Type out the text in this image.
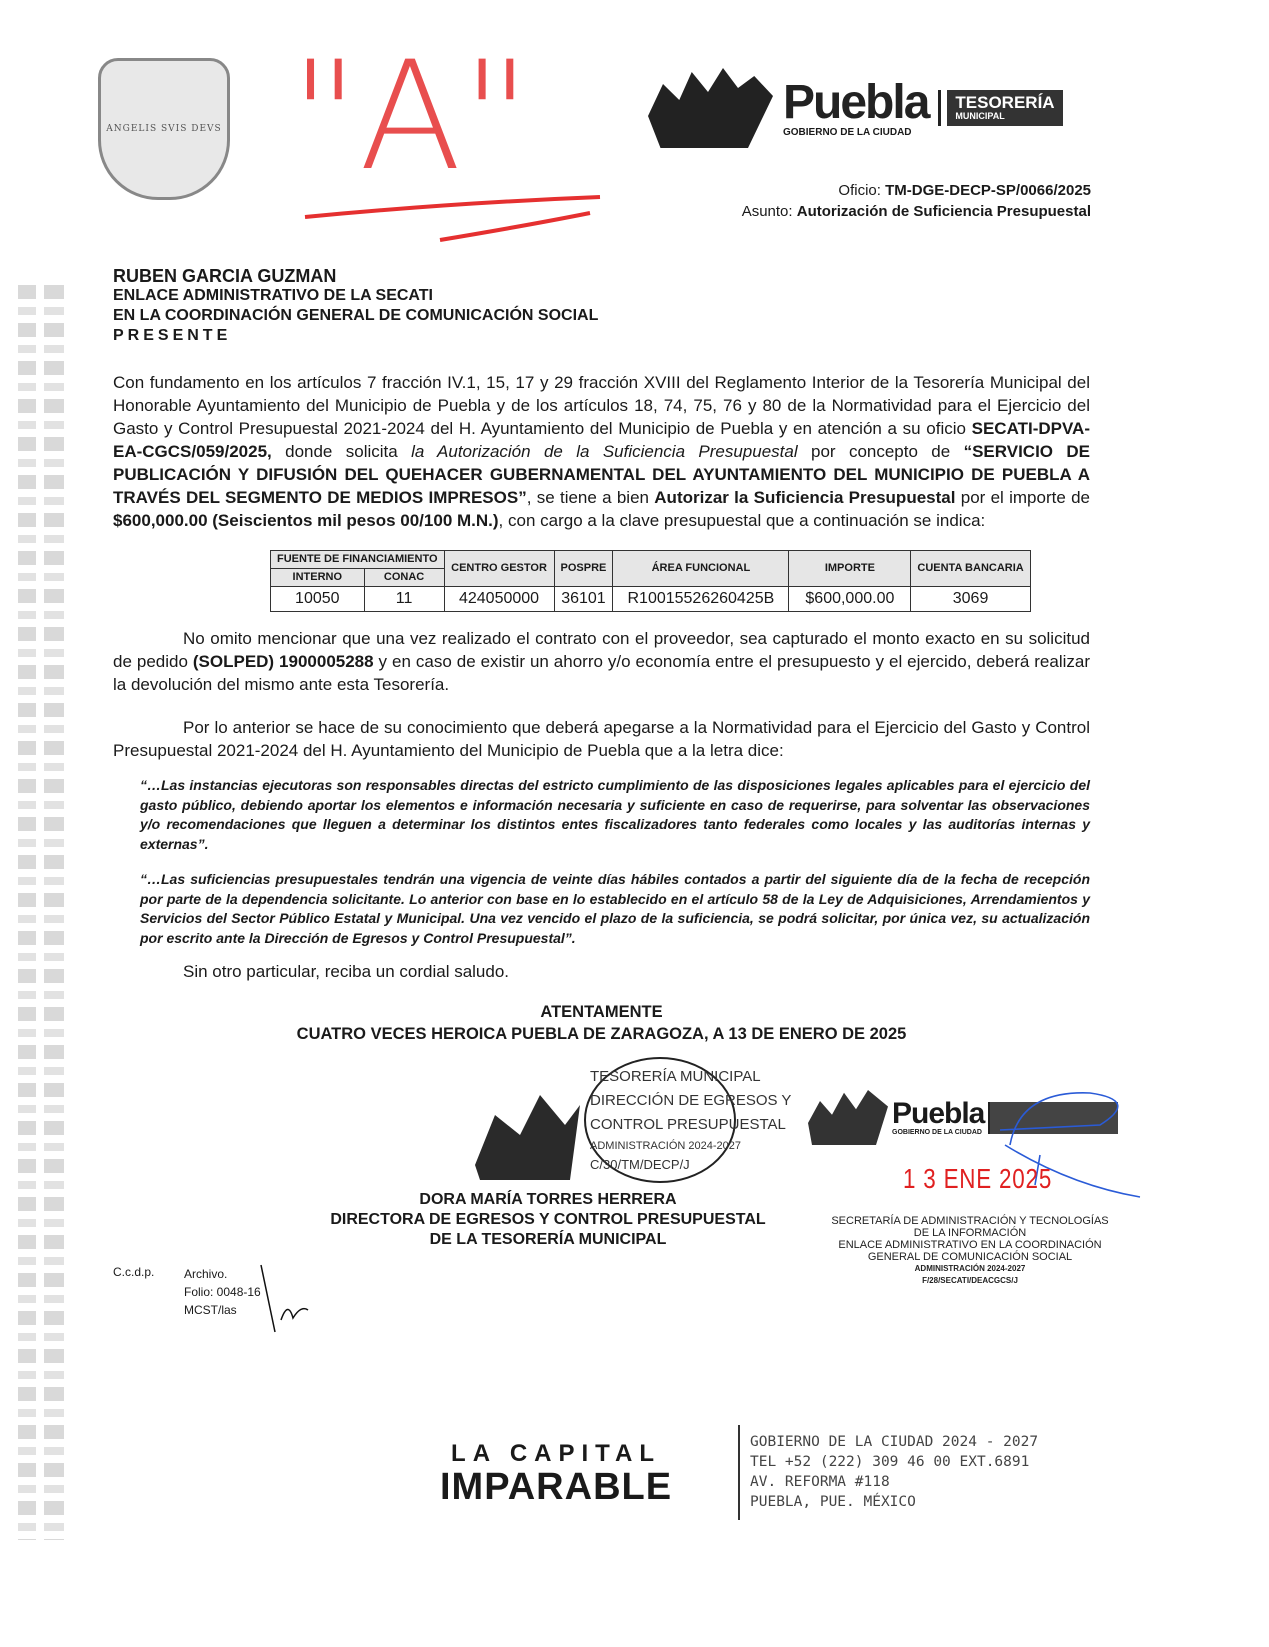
ANGELIS SVIS DEVS "A"	Puebla
GOBIERNO DE LA CIUDAD
TESORERÍA
MUNICIPAL
Oficio: TM-DGE-DECP-SP/0066/2025
Asunto: Autorización de Suficiencia Presupuestal
RUBEN GARCIA GUZMAN
ENLACE ADMINISTRATIVO DE LA SECATI
EN LA COORDINACIÓN GENERAL DE COMUNICACIÓN SOCIAL
PRESENTE
Con fundamento en los artículos 7 fracción IV.1, 15, 17 y 29 fracción XVIII del Reglamento Interior de la Tesorería Municipal del Honorable Ayuntamiento del Municipio de Puebla y de los artículos 18, 74, 75, 76 y 80 de la Normatividad para el Ejercicio del Gasto y Control Presupuestal 2021-2024 del H. Ayuntamiento del Municipio de Puebla y en atención a su oficio SECATI-DPVA-EA-CGCS/059/2025, donde solicita la Autorización de la Suficiencia Presupuestal por concepto de “SERVICIO DE PUBLICACIÓN Y DIFUSIÓN DEL QUEHACER GUBERNAMENTAL DEL AYUNTAMIENTO DEL MUNICIPIO DE PUEBLA A TRAVÉS DEL SEGMENTO DE MEDIOS IMPRESOS”, se tiene a bien Autorizar la Suficiencia Presupuestal por el importe de $600,000.00 (Seiscientos mil pesos 00/100 M.N.), con cargo a la clave presupuestal que a continuación se indica:
FUENTE DE FINANCIAMIENTO		CENTRO GESTOR	POSPRE	ÁREA FUNCIONAL	IMPORTE	CUENTA BANCARIA
INTERNO	CONAC					
10050	11	424050000	36101	R10015526260425B	$600,000.00	3069
No omito mencionar que una vez realizado el contrato con el proveedor, sea capturado el monto exacto en su solicitud de pedido (SOLPED) 1900005288 y en caso de existir un ahorro y/o economía entre el presupuesto y el ejercido, deberá realizar la devolución del mismo ante esta Tesorería.
Por lo anterior se hace de su conocimiento que deberá apegarse a la Normatividad para el Ejercicio del Gasto y Control Presupuestal 2021-2024 del H. Ayuntamiento del Municipio de Puebla que a la letra dice:
“…Las instancias ejecutoras son responsables directas del estricto cumplimiento de las disposiciones legales aplicables para el ejercicio del gasto público, debiendo aportar los elementos e información necesaria y suficiente en caso de requerirse, para solventar las observaciones y/o recomendaciones que lleguen a determinar los distintos entes fiscalizadores tanto federales como locales y las auditorías internas y externas”.
“…Las suficiencias presupuestales tendrán una vigencia de veinte días hábiles contados a partir del siguiente día de la fecha de recepción por parte de la dependencia solicitante. Lo anterior con base en lo establecido en el artículo 58 de la Ley de Adquisiciones, Arrendamientos y Servicios del Sector Público Estatal y Municipal. Una vez vencido el plazo de la suficiencia, se podrá solicitar, por única vez, su actualización por escrito ante la Dirección de Egresos y Control Presupuestal”.
Sin otro particular, reciba un cordial saludo.
ATENTAMENTE
CUATRO VECES HEROICA PUEBLA DE ZARAGOZA, A 13 DE ENERO DE 2025
TESORERÍA MUNICIPAL
DIRECCIÓN DE EGRESOS Y
CONTROL PRESUPUESTAL
ADMINISTRACIÓN 2024-2027
C/30/TM/DECP/J
DORA MARÍA TORRES HERRERA
DIRECTORA DE EGRESOS Y CONTROL PRESUPUESTAL
DE LA TESORERÍA MUNICIPAL
Puebla
GOBIERNO DE LA CIUDAD
1 3 ENE 2025
SECRETARÍA DE ADMINISTRACIÓN Y TECNOLOGÍAS
DE LA INFORMACIÓN
ENLACE ADMINISTRATIVO EN LA COORDINACIÓN
GENERAL DE COMUNICACIÓN SOCIAL
ADMINISTRACIÓN 2024-2027
F/28/SECATI/DEACGCS/J
C.c.d.p. Archivo.
Folio: 0048-16
MCST/las
LA CAPITAL
IMPARABLE
GOBIERNO DE LA CIUDAD 2024 - 2027
TEL +52 (222) 309 46 00 EXT.6891
AV. REFORMA #118
PUEBLA, PUE. MÉXICO
